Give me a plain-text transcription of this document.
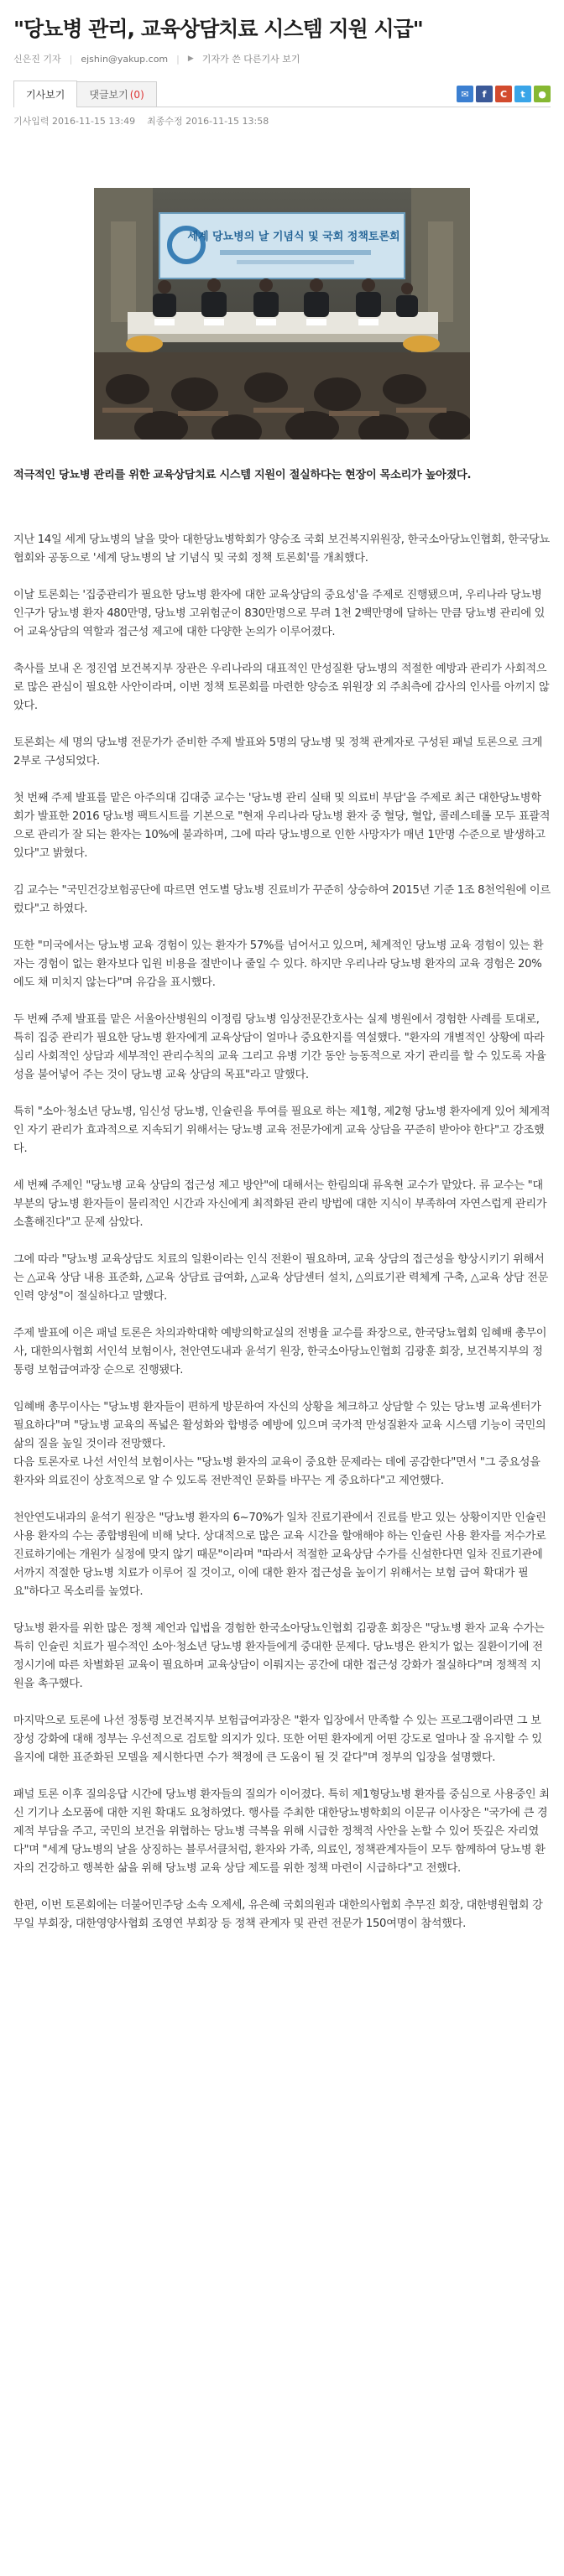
"당뇨병 관리, 교육상담치료 시스템 지원 시급"
신은진 기자 | ejshin@yakup.com | ▶ 기자가 쓴 다른기사 보기
기사보기 댓글보기 (0)	✉	f	C	t	●
기사입력 2016-11-15 13:49 최종수정 2016-11-15 13:58
세계 당뇨병의 날 기념식 및 국회 정책토론회

적극적인 당뇨병 관리를 위한 교육상담치료 시스템 지원이 절실하다는 현장이 목소리가 높아졌다.

지난 14일 세계 당뇨병의 날을 맞아 대한당뇨병학회가 양승조 국회 보건복지위원장, 한국소아당뇨인협회, 한국당뇨협회와 공동으로 '세계 당뇨병의 날 기념식 및 국회 정책 토론회'를 개최했다.

이날 토론회는 '집중관리가 필요한 당뇨병 환자에 대한 교육상담의 중요성'을 주제로 진행됐으며, 우리나라 당뇨병 인구가 당뇨병 환자 480만명, 당뇨병 고위험군이 830만명으로 무려 1천 2백만명에 달하는 만큼 당뇨병 관리에 있어 교육상담의 역할과 접근성 제고에 대한 다양한 논의가 이루어졌다.

축사를 보내 온 정진엽 보건복지부 장관은 우리나라의 대표적인 만성질환 당뇨병의 적절한 예방과 관리가 사회적으로 많은 관심이 필요한 사안이라며, 이번 정책 토론회를 마련한 양승조 위원장 외 주최측에 감사의 인사를 아끼지 않았다.

토론회는 세 명의 당뇨병 전문가가 준비한 주제 발표와 5명의 당뇨병 및 정책 관계자로 구성된 패널 토론으로 크게 2부로 구성되었다.

첫 번째 주제 발표를 맡은 아주의대 김대중 교수는 '당뇨병 관리 실태 및 의료비 부담'을 주제로 최근 대한당뇨병학회가 발표한 2016 당뇨병 팩트시트를 기본으로 "현재 우리나라 당뇨병 환자 중 혈당, 혈압, 콜레스테롤 모두 표괄적으로 관리가 잘 되는 환자는 10%에 불과하며, 그에 따라 당뇨병으로 인한 사망자가 매년 1만명 수준으로 발생하고 있다"고 밝혔다.

김 교수는 "국민건강보험공단에 따르면 연도별 당뇨병 진료비가 꾸준히 상승하여 2015년 기준 1조 8천억원에 이르렀다"고 하였다.

또한 "미국에서는 당뇨병 교육 경험이 있는 환자가 57%를 넘어서고 있으며, 체계적인 당뇨병 교육 경험이 있는 환자는 경험이 없는 환자보다 입원 비용을 절반이나 줄일 수 있다. 하지만 우리나라 당뇨병 환자의 교육 경험은 20%에도 채 미치지 않는다"며 유감을 표시했다.

두 번째 주제 발표를 맡은 서울아산병원의 이정림 당뇨병 임상전문간호사는 실제 병원에서 경험한 사례를 토대로, 특히 집중 관리가 필요한 당뇨병 환자에게 교육상담이 얼마나 중요한지를 역설했다. "환자의 개별적인 상황에 따라 심리 사회적인 상담과 세부적인 관리수칙의 교육 그리고 유병 기간 동안 능동적으로 자기 관리를 할 수 있도록 자율성을 불어넣어 주는 것이 당뇨병 교육 상담의 목표"라고 말했다.

특히 "소아·청소년 당뇨병, 임신성 당뇨병, 인슐린을 투여를 필요로 하는 제1형, 제2형 당뇨병 환자에게 있어 체계적인 자기 관리가 효과적으로 지속되기 위해서는 당뇨병 교육 전문가에게 교육 상담을 꾸준히 받아야 한다"고 강조했다.

세 번째 주제인 "당뇨병 교육 상담의 접근성 제고 방안"에 대해서는 한림의대 류옥현 교수가 맡았다. 류 교수는 "대부분의 당뇨병 환자들이 물리적인 시간과 자신에게 최적화된 관리 방법에 대한 지식이 부족하여 자연스럽게 관리가 소홀해진다"고 문제 삼았다.

그에 따라 "당뇨병 교육상담도 치료의 일환이라는 인식 전환이 필요하며, 교육 상담의 접근성을 향상시키기 위해서는 △교육 상담 내용 표준화, △교육 상담료 급여화, △교육 상담센터 설치, △의료기관 력체계 구축, △교육 상담 전문 인력 양성"이 절실하다고 말했다.

주제 발표에 이은 패널 토론은 차의과학대학 예방의학교실의 전병율 교수를 좌장으로, 한국당뇨협회 임혜배 총무이사, 대한의사협회 서인석 보험이사, 천안연도내과 윤석기 원장, 한국소아당뇨인협회 김광훈 회장, 보건복지부의 정통령 보험급여과장 순으로 진행됐다.

임혜배 총무이사는 "당뇨병 환자들이 편하게 방문하여 자신의 상황을 체크하고 상담할 수 있는 당뇨병 교육센터가 필요하다"며 "당뇨병 교육의 폭넓은 활성화와 합병증 예방에 있으며 국가적 만성질환자 교육 시스템 기능이 국민의 삶의 질을 높일 것이라 전망했다.
다음 토론자로 나선 서인석 보험이사는 "당뇨병 환자의 교육이 중요한 문제라는 데에 공감한다"면서 "그 중요성을 환자와 의료진이 상호적으로 알 수 있도록 전반적인 문화를 바꾸는 게 중요하다"고 제언했다.

천안연도내과의 윤석기 원장은 "당뇨병 환자의 6~70%가 일차 진료기관에서 진료를 받고 있는 상황이지만 인슐린 사용 환자의 수는 종합병원에 비해 낮다. 상대적으로 많은 교육 시간을 할애해야 하는 인슐린 사용 환자를 저수가로 진료하기에는 개원가 실정에 맞지 않기 때문"이라며 "따라서 적절한 교육상담 수가를 신설한다면 일차 진료기관에서까지 적절한 당뇨병 치료가 이루어 질 것이고, 이에 대한 환자 접근성을 높이기 위해서는 보험 급여 확대가 필요"하다고 목소리를 높였다.

당뇨병 환자를 위한 많은 정책 제언과 입법을 경험한 한국소아당뇨인협회 김광훈 회장은 "당뇨병 환자 교육 수가는 특히 인슐린 치료가 필수적인 소아·청소년 당뇨병 환자들에게 중대한 문제다. 당뇨병은 완치가 없는 질환이기에 전정시기에 따른 차별화된 교육이 필요하며 교육상담이 이뤄지는 공간에 대한 접근성 강화가 절실하다"며 정책적 지원을 촉구했다.

마지막으로 토론에 나선 정통령 보건복지부 보험급여과장은 "환자 입장에서 만족할 수 있는 프로그램이라면 그 보장성 강화에 대해 정부는 우선적으로 검토할 의지가 있다. 또한 어떤 환자에게 어떤 강도로 얼마나 잘 유지할 수 있을지에 대한 표준화된 모델을 제시한다면 수가 책정에 큰 도움이 될 것 같다"며 정부의 입장을 설명했다.

패널 토론 이후 질의응답 시간에 당뇨병 환자들의 질의가 이어졌다. 특히 제1형당뇨병 환자를 중심으로 사용중인 최신 기기나 소모품에 대한 지원 확대도 요청하였다. 행사를 주최한 대한당뇨병학회의 이문규 이사장은 "국가에 큰 경제적 부담을 주고, 국민의 보건을 위협하는 당뇨병 극복을 위해 시급한 정책적 사안을 논할 수 있어 뜻깊은 자리였다"며 "세계 당뇨병의 날을 상징하는 블루서클처럼, 환자와 가족, 의료인, 정책관계자들이 모두 함께하여 당뇨병 환자의 건강하고 행복한 삶을 위해 당뇨병 교육 상담 제도를 위한 정책 마련이 시급하다"고 전했다.

한편, 이번 토론회에는 더불어민주당 소속 오제세, 유은혜 국회의원과 대한의사협회 추무진 회장, 대한병원협회 강무일 부회장, 대한영양사협회 조영연 부회장 등 정책 관계자 및 관련 전문가 150여명이 참석했다.
